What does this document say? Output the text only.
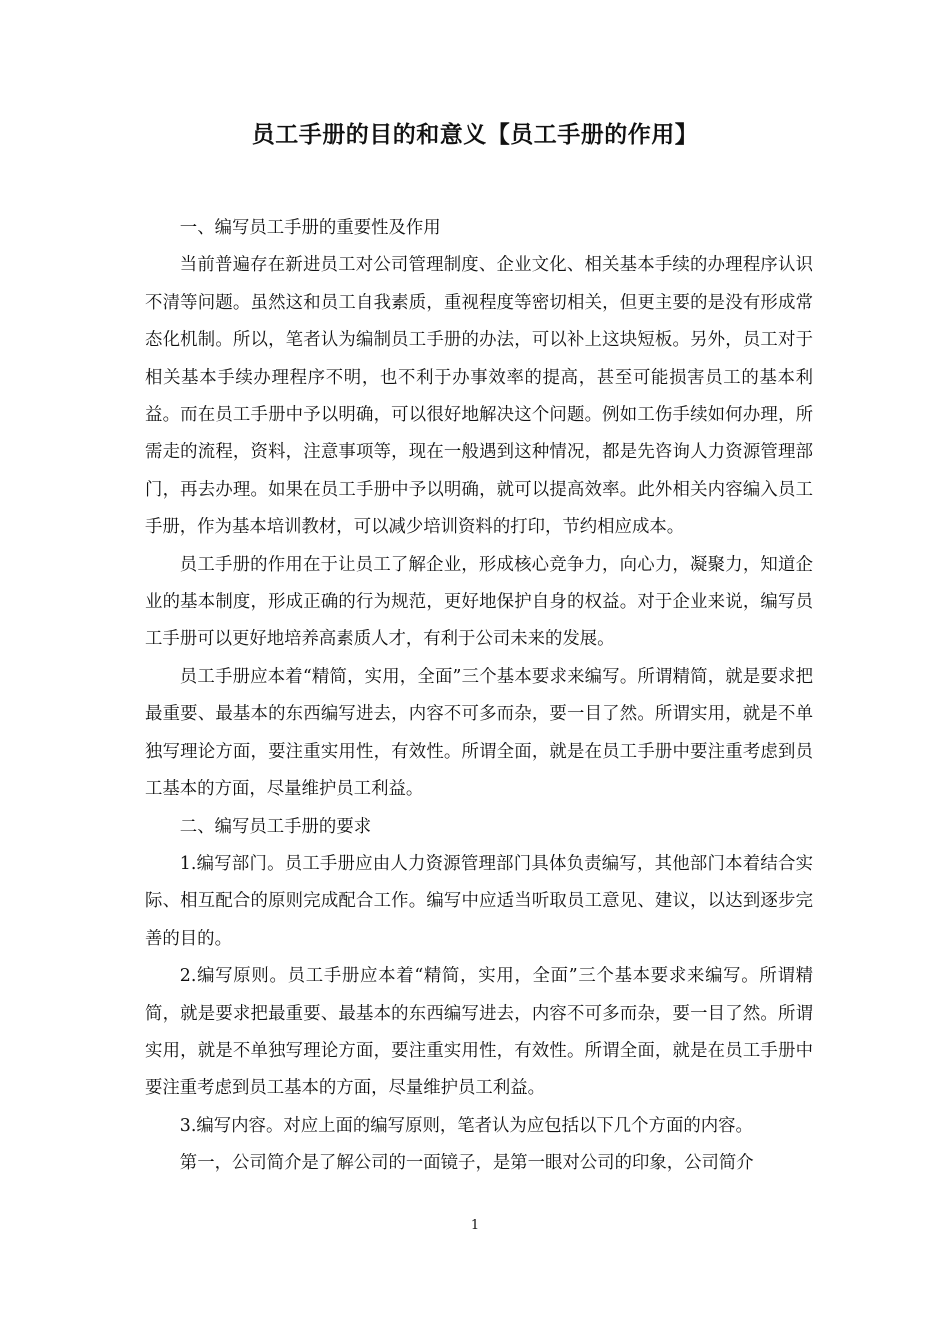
员工手册的目的和意义【员工手册的作用】

一、编写员工手册的重要性及作用

当前普遍存在新进员工对公司管理制度、企业文化、相关基本手续的办理程序认识不清等问题。虽然这和员工自我素质，重视程度等密切相关，但更主要的是没有形成常态化机制。所以，笔者认为编制员工手册的办法，可以补上这块短板。另外，员工对于相关基本手续办理程序不明，也不利于办事效率的提高，甚至可能损害员工的基本利益。而在员工手册中予以明确，可以很好地解决这个问题。例如工伤手续如何办理，所需走的流程，资料，注意事项等，现在一般遇到这种情况，都是先咨询人力资源管理部门，再去办理。如果在员工手册中予以明确，就可以提高效率。此外相关内容编入员工手册，作为基本培训教材，可以减少培训资料的打印，节约相应成本。

员工手册的作用在于让员工了解企业，形成核心竞争力，向心力，凝聚力，知道企业的基本制度，形成正确的行为规范，更好地保护自身的权益。对于企业来说，编写员工手册可以更好地培养高素质人才，有利于公司未来的发展。

员工手册应本着“精简，实用，全面”三个基本要求来编写。所谓精简，就是要求把最重要、最基本的东西编写进去，内容不可多而杂，要一目了然。所谓实用，就是不单独写理论方面，要注重实用性，有效性。所谓全面，就是在员工手册中要注重考虑到员工基本的方面，尽量维护员工利益。

二、编写员工手册的要求

1.编写部门。员工手册应由人力资源管理部门具体负责编写，其他部门本着结合实际、相互配合的原则完成配合工作。编写中应适当听取员工意见、建议，以达到逐步完善的目的。

2.编写原则。员工手册应本着“精简，实用，全面”三个基本要求来编写。所谓精简，就是要求把最重要、最基本的东西编写进去，内容不可多而杂，要一目了然。所谓实用，就是不单独写理论方面，要注重实用性，有效性。所谓全面，就是在员工手册中要注重考虑到员工基本的方面，尽量维护员工利益。

3.编写内容。对应上面的编写原则，笔者认为应包括以下几个方面的内容。

第一，公司简介是了解公司的一面镜子，是第一眼对公司的印象，公司简介

1
